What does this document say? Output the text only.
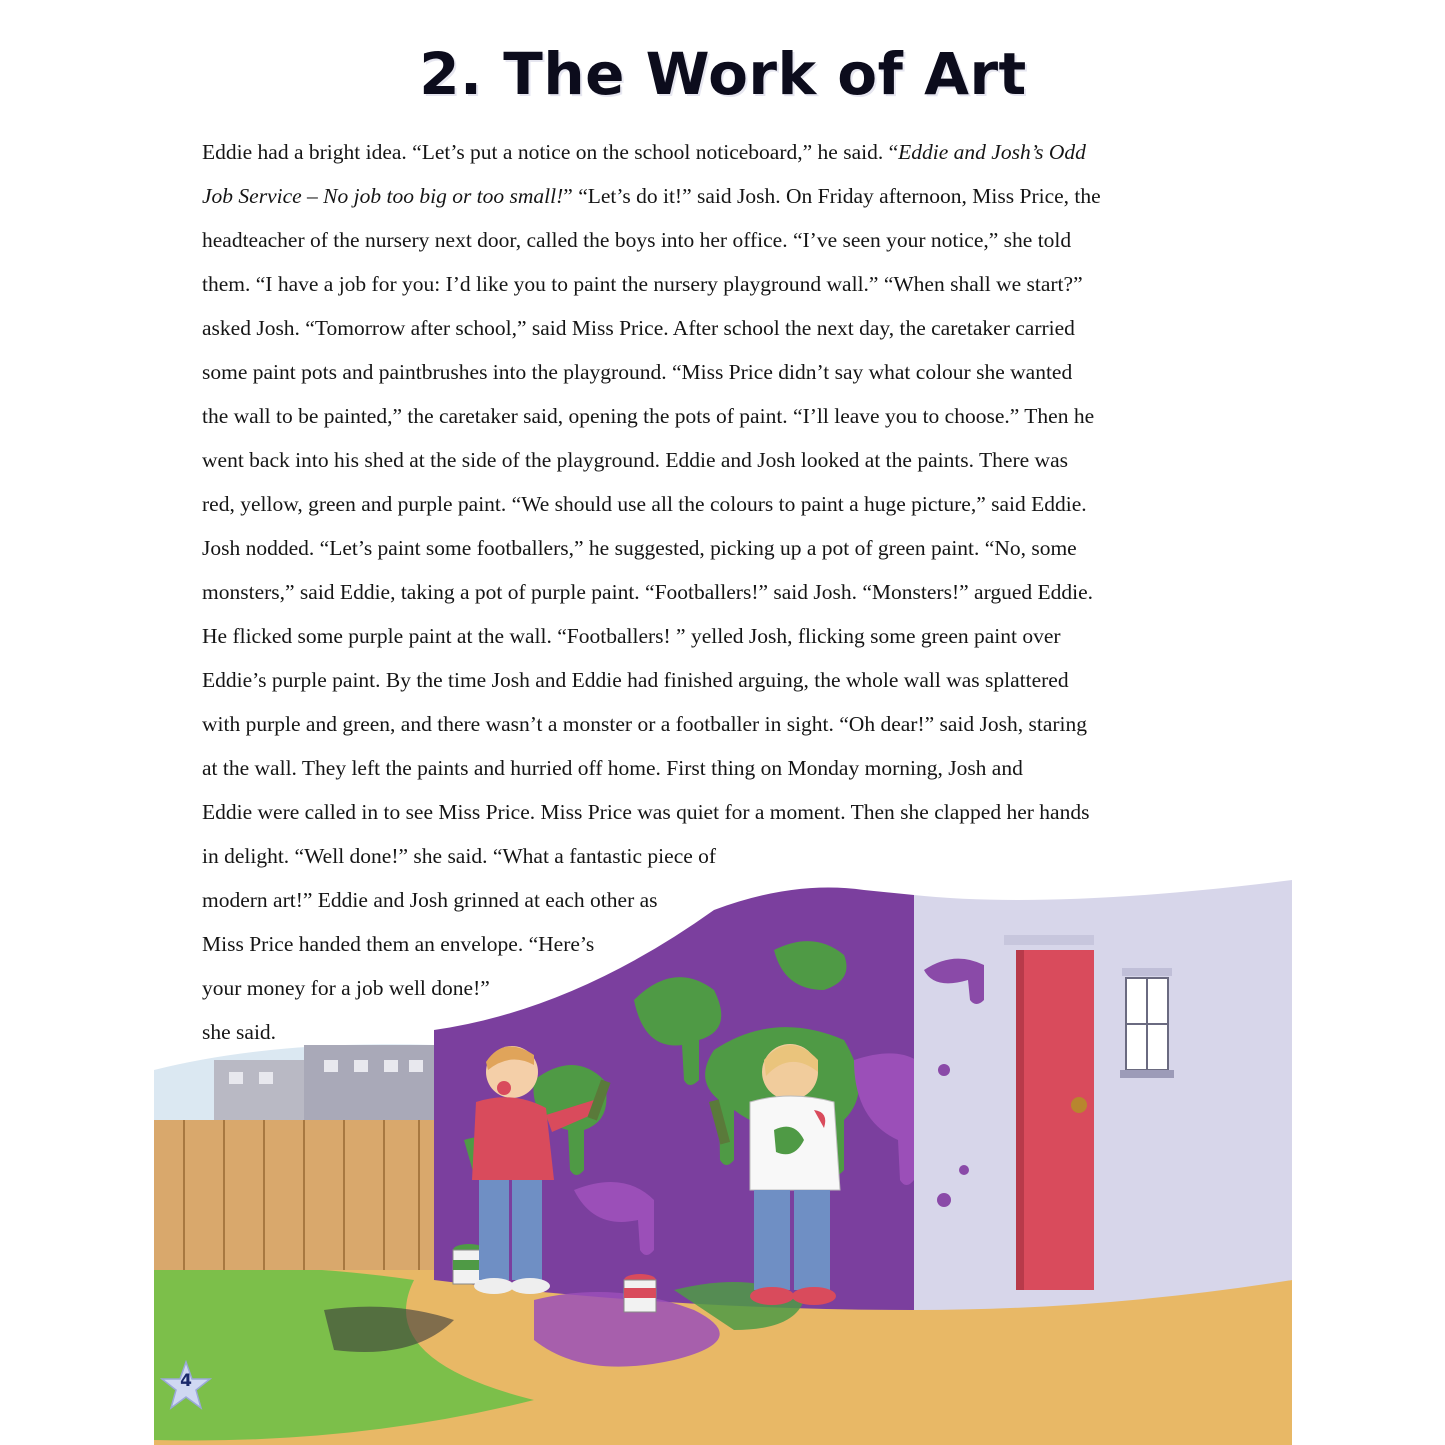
2. The Work of Art
Eddie had a bright idea. “Let’s put a notice on the school noticeboard,” he said. “Eddie and Josh’s Odd
Job Service – No job too big or too small!” “Let’s do it!” said Josh. On Friday afternoon, Miss Price, the
headteacher of the nursery next door, called the boys into her office. “I’ve seen your notice,” she told
them. “I have a job for you: I’d like you to paint the nursery playground wall.” “When shall we start?”
asked Josh. “Tomorrow after school,” said Miss Price. After school the next day, the caretaker carried
some paint pots and paintbrushes into the playground. “Miss Price didn’t say what colour she wanted
the wall to be painted,” the caretaker said, opening the pots of paint. “I’ll leave you to choose.” Then he
went back into his shed at the side of the playground. Eddie and Josh looked at the paints. There was
red, yellow, green and purple paint. “We should use all the colours to paint a huge picture,” said Eddie.
Josh nodded. “Let’s paint some footballers,” he suggested, picking up a pot of green paint. “No, some
monsters,” said Eddie, taking a pot of purple paint. “Footballers!” said Josh. “Monsters!” argued Eddie.
He flicked some purple paint at the wall. “Footballers! ” yelled Josh, flicking some green paint over
Eddie’s purple paint. By the time Josh and Eddie had finished arguing, the whole wall was splattered
with purple and green, and there wasn’t a monster or a footballer in sight. “Oh dear!” said Josh, staring
at the wall. They left the paints and hurried off home. First thing on Monday morning, Josh and
Eddie were called in to see Miss Price. Miss Price was quiet for a moment. Then she clapped her hands
in delight. “Well done!” she said. “What a fantastic piece of
modern art!” Eddie and Josh grinned at each other as
Miss Price handed them an envelope. “Here’s
your money for a job well done!”
she said.
4
